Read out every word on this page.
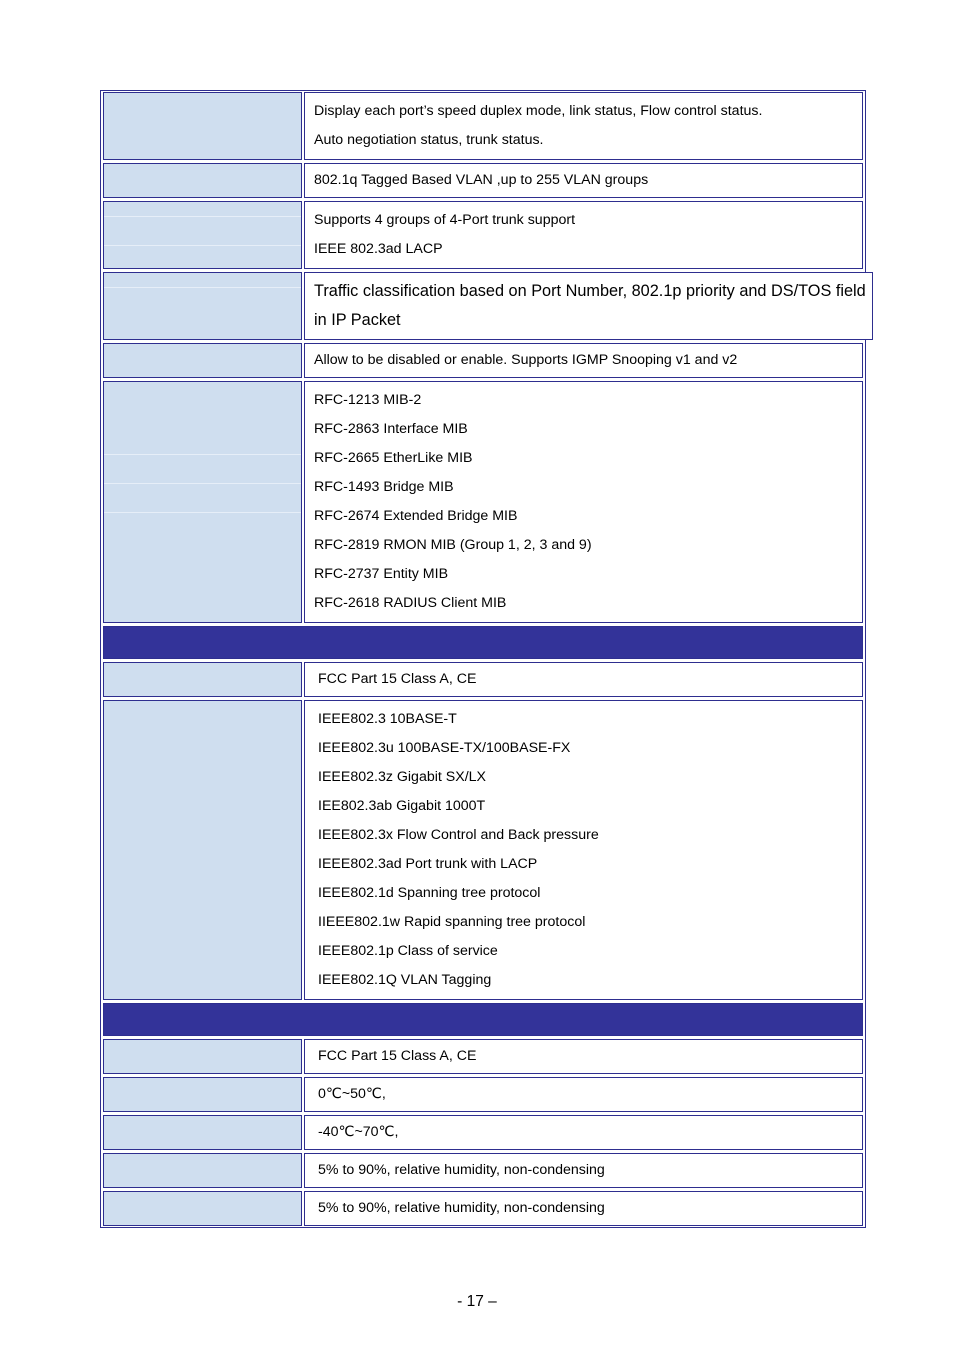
Display each port’s speed duplex mode, link status, Flow control status.
Auto negotiation status, trunk status.
802.1q Tagged Based VLAN ,up to 255 VLAN groups
Supports 4 groups of 4-Port trunk support
IEEE 802.3ad LACP
Traffic classification based on Port Number, 802.1p priority and DS/TOS field
in IP Packet
Allow to be disabled or enable. Supports IGMP Snooping v1 and v2
RFC-1213 MIB-2
RFC-2863 Interface MIB
RFC-2665 EtherLike MIB
RFC-1493 Bridge MIB
RFC-2674 Extended Bridge MIB
RFC-2819 RMON MIB (Group 1, 2, 3 and 9)
RFC-2737 Entity MIB
RFC-2618 RADIUS Client MIB
FCC Part 15 Class A, CE
IEEE802.3 10BASE-T
IEEE802.3u 100BASE-TX/100BASE-FX
IEEE802.3z Gigabit SX/LX
IEE802.3ab Gigabit 1000T
IEEE802.3x Flow Control and Back pressure
IEEE802.3ad Port trunk with LACP
IEEE802.1d Spanning tree protocol
IIEEE802.1w Rapid spanning tree protocol
IEEE802.1p Class of service
IEEE802.1Q VLAN Tagging
FCC Part 15 Class A, CE
0℃~50℃,
-40℃~70℃,
5% to 90%, relative humidity, non-condensing
5% to 90%, relative humidity, non-condensing
- 17 –
